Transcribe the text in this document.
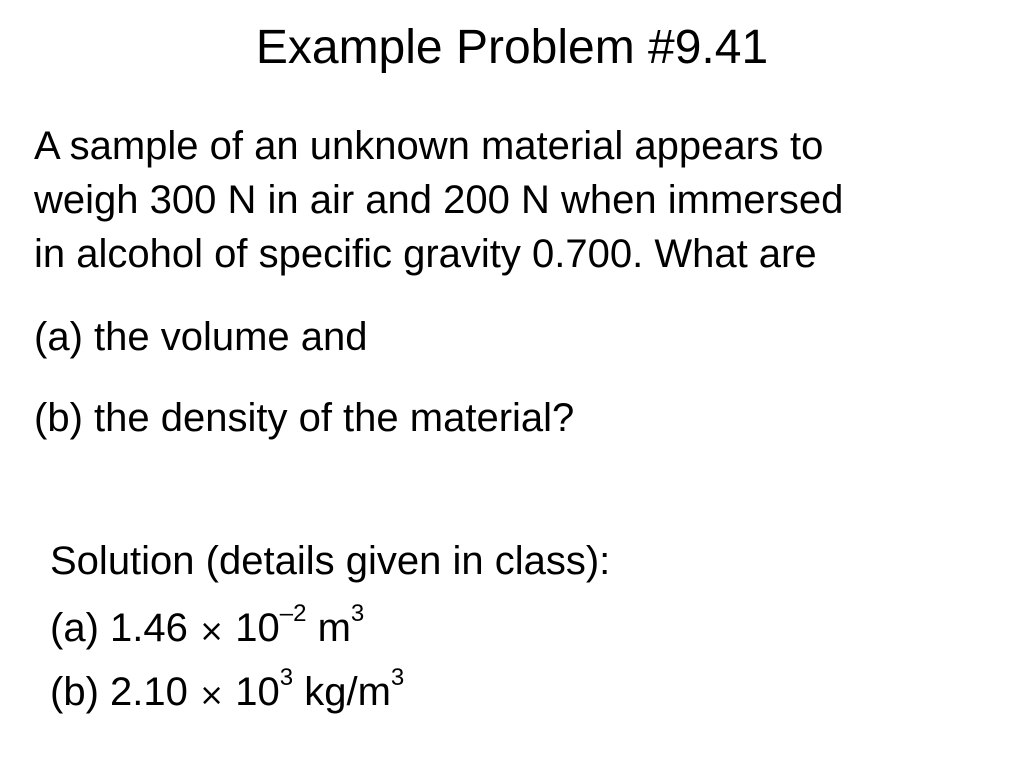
Example Problem #9.41
A sample of an unknown material appears to
weigh 300 N in air and 200 N when immersed
in alcohol of specific gravity 0.700. What are
(a) the volume and
(b) the density of the material?
Solution (details given in class):
(a) $1.46 \times 10^{-2}$ $m^3$
(b) $2.10 \times 10^3$ $kg/m^3$
